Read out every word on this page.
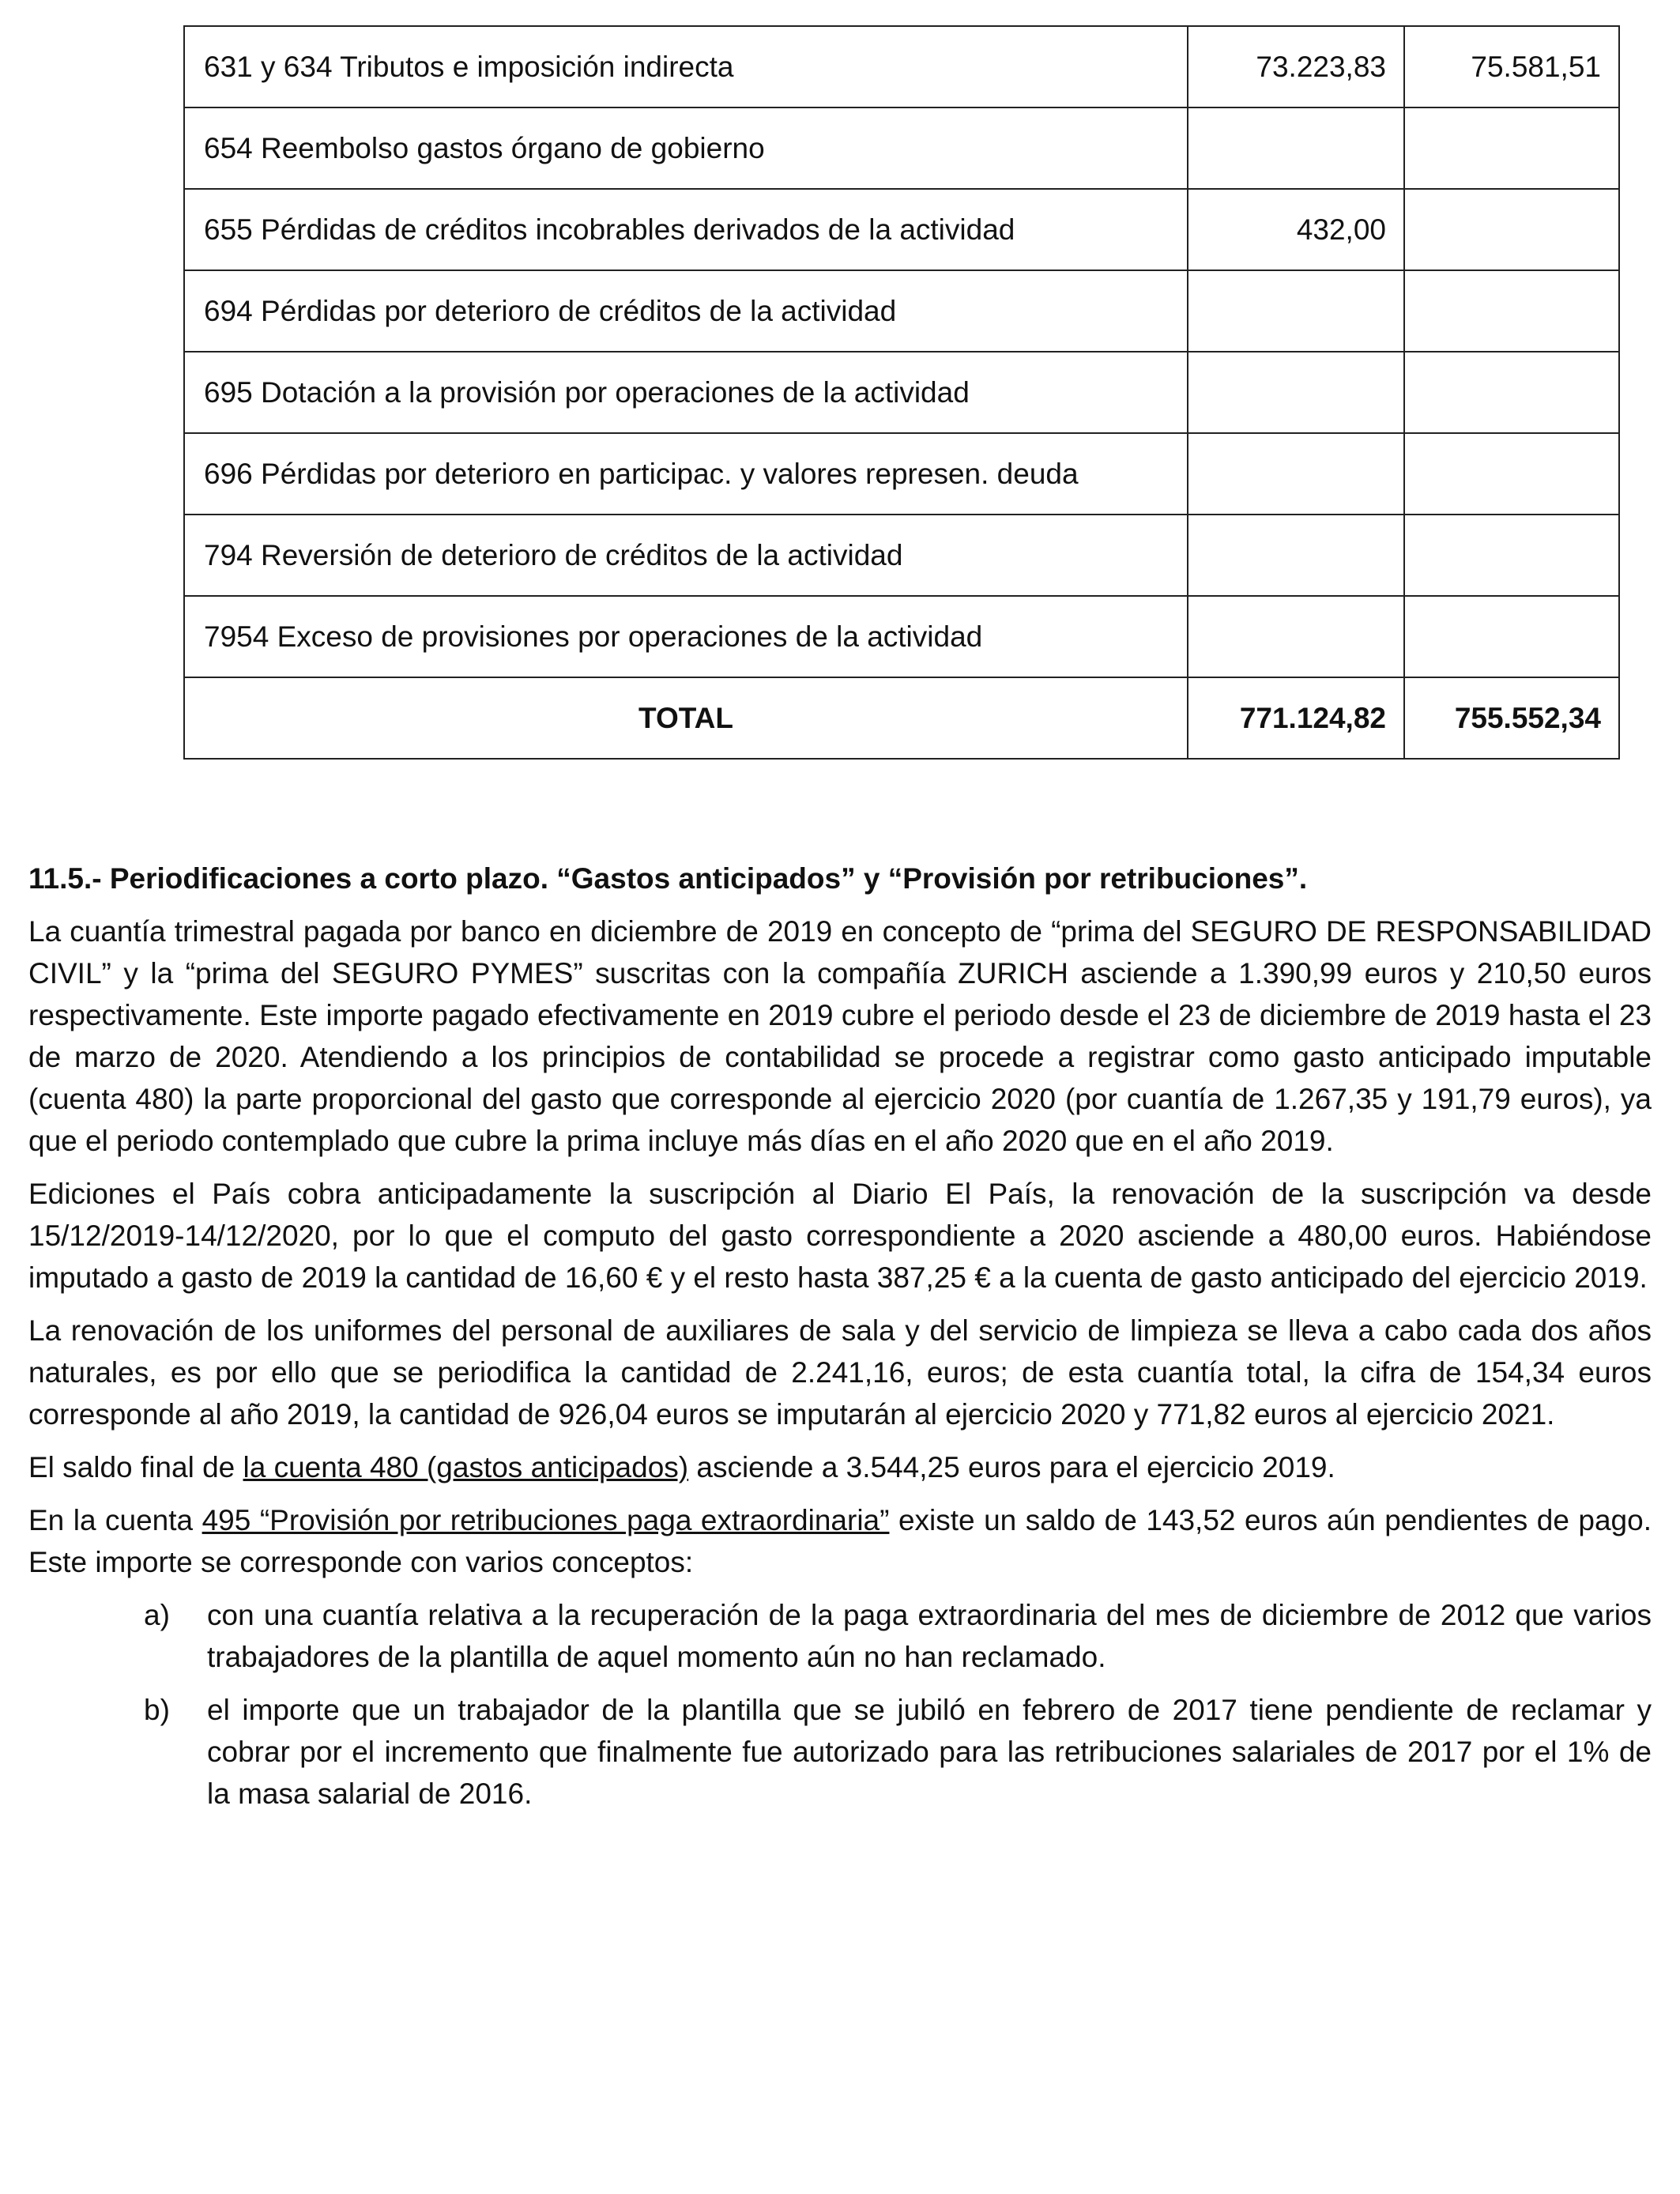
631 y 634 Tributos e imposición indirecta	73.223,83	75.581,51
654 Reembolso gastos órgano de gobierno		
655 Pérdidas de créditos incobrables derivados de la actividad	432,00	
694 Pérdidas por deterioro de créditos de la actividad		
695 Dotación a la provisión por operaciones de la actividad		
696 Pérdidas por deterioro en participac. y valores represen. deuda		
794 Reversión de deterioro de créditos de la actividad		
7954 Exceso de provisiones por operaciones de la actividad		
TOTAL	771.124,82	755.552,34

11.5.- Periodificaciones a corto plazo. “Gastos anticipados” y “Provisión por retribuciones”.

La cuantía trimestral pagada por banco en diciembre de 2019 en concepto de “prima del SEGURO DE RESPONSABILIDAD CIVIL” y la “prima del SEGURO PYMES” suscritas con la compañía ZURICH asciende a 1.390,99 euros y 210,50 euros respectivamente. Este importe pagado efectivamente en 2019 cubre el periodo desde el 23 de diciembre de 2019 hasta el 23 de marzo de 2020. Atendiendo a los principios de contabilidad se procede a registrar como gasto anticipado imputable (cuenta 480) la parte proporcional del gasto que corresponde al ejercicio 2020 (por cuantía de 1.267,35 y 191,79 euros), ya que el periodo contemplado que cubre la prima incluye más días en el año 2020 que en el año 2019.

Ediciones el País cobra anticipadamente la suscripción al Diario El País, la renovación de la suscripción va desde 15/12/2019-14/12/2020, por lo que el computo del gasto correspondiente a 2020 asciende a 480,00 euros. Habiéndose imputado a gasto de 2019 la cantidad de 16,60 € y el resto hasta 387,25 € a la cuenta de gasto anticipado del ejercicio 2019.

La renovación de los uniformes del personal de auxiliares de sala y del servicio de limpieza se lleva a cabo cada dos años naturales, es por ello que se periodifica la cantidad de 2.241,16, euros; de esta cuantía total, la cifra de 154,34 euros corresponde al año 2019, la cantidad de 926,04 euros se imputarán al ejercicio 2020 y 771,82 euros al ejercicio 2021.

El saldo final de la cuenta 480 (gastos anticipados) asciende a 3.544,25 euros para el ejercicio 2019.

En la cuenta 495 “Provisión por retribuciones paga extraordinaria” existe un saldo de 143,52 euros aún pendientes de pago. Este importe se corresponde con varios conceptos:

a) con una cuantía relativa a la recuperación de la paga extraordinaria del mes de diciembre de 2012 que varios trabajadores de la plantilla de aquel momento aún no han reclamado.
b) el importe que un trabajador de la plantilla que se jubiló en febrero de 2017 tiene pendiente de reclamar y cobrar por el incremento que finalmente fue autorizado para las retribuciones salariales de 2017 por el 1% de la masa salarial de 2016.
